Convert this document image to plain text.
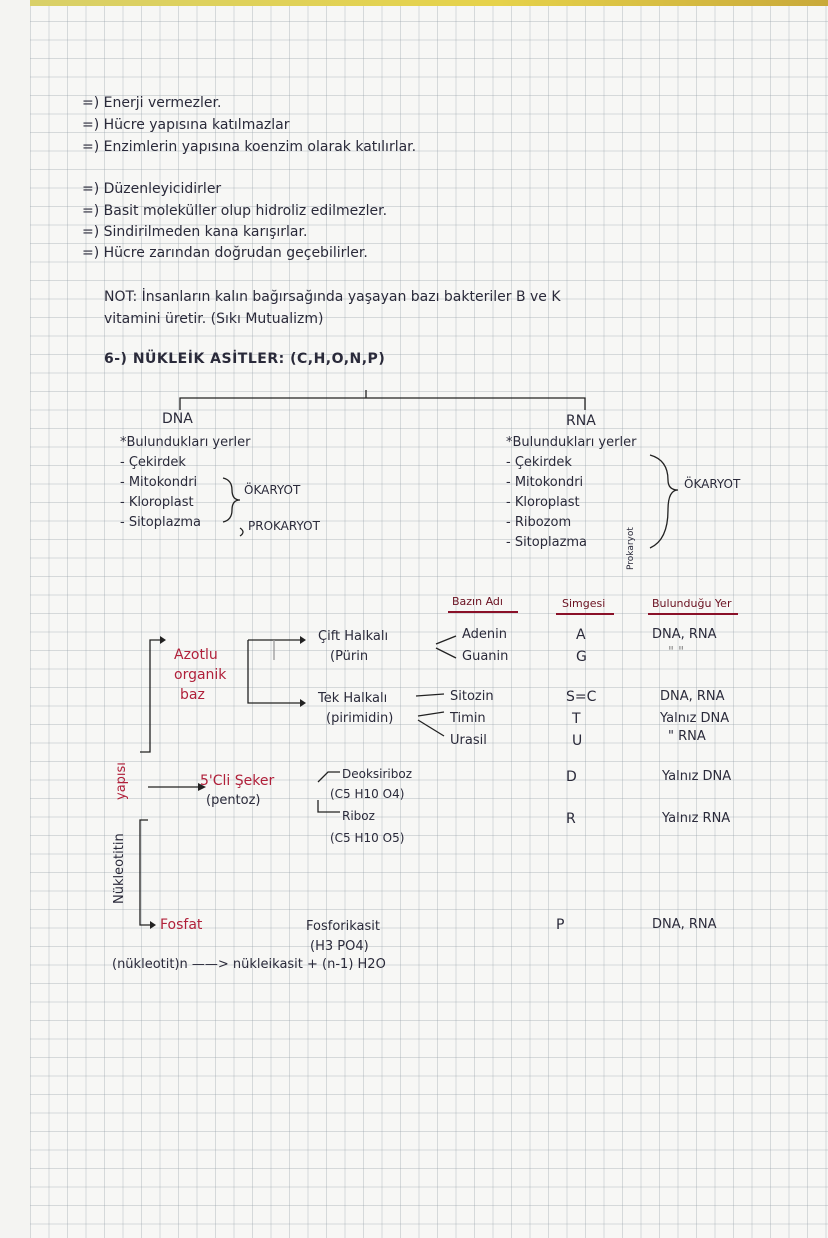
=) Enerji vermezler.
=) Hücre yapısına katılmazlar
=) Enzimlerin yapısına koenzim olarak katılırlar.
=) Düzenleyicidirler
=) Basit moleküller olup hidroliz edilmezler.
=) Sindirilmeden kana karışırlar.
=) Hücre zarından doğrudan geçebilirler.
NOT: İnsanların kalın bağırsağında yaşayan bazı bakteriler B ve K
vitamini üretir. (Sıkı Mutualizm)
6-) NÜKLEİK ASİTLER: (C,H,O,N,P)
DNA
*Bulundukları yerler
- Çekirdek
- Mitokondri
- Kloroplast
- Sitoplazma
ÖKARYOT
PROKARYOT
RNA
*Bulundukları yerler
- Çekirdek
- Mitokondri
- Kloroplast
- Ribozom
- Sitoplazma
ÖKARYOT
Prokaryot
Bazın Adı	Simgesi	Bulunduğu Yer
Nükleotitin
yapısı
Azotlu
organik
baz
Çift Halkalı
(Pürin
Tek Halkalı
(pirimidin)
Adenin	A	DNA, RNA
Guanin	G	" "
Sitozin	S=C	DNA, RNA
Timin	T	Yalnız DNA
Urasil	U	" RNA
5'Cli Şeker
(pentoz)
Deoksiriboz
(C5 H10 O4)
Riboz
(C5 H10 O5)
D	Yalnız DNA
R	Yalnız RNA
Fosfat	Fosforikasit
(H3 PO4)
P	DNA, RNA
(nükleotit)n ——> nükleikasit + (n-1) H2O
